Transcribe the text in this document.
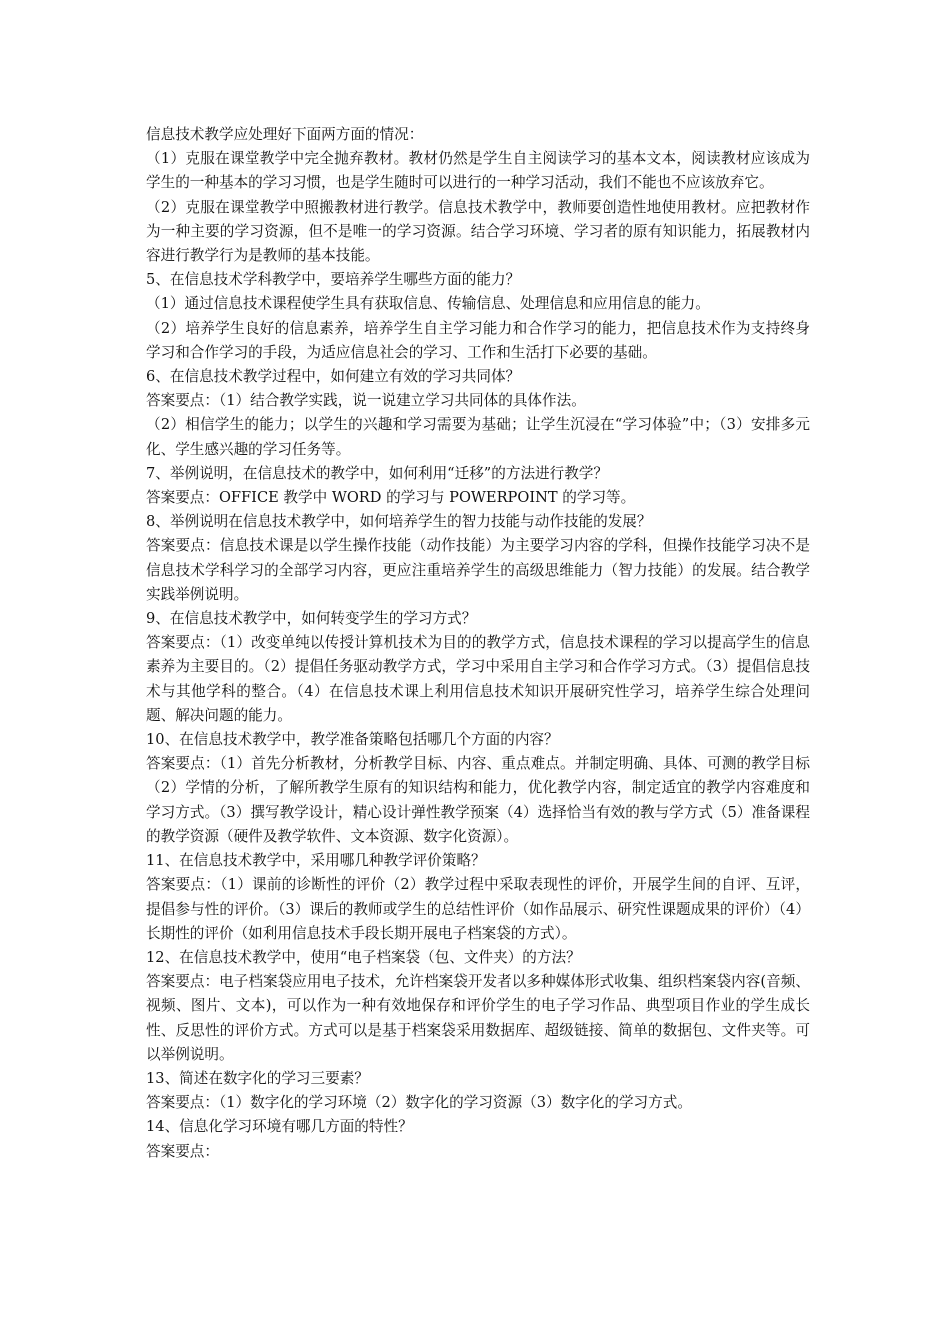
信息技术教学应处理好下面两方面的情况：

（1）克服在课堂教学中完全抛弃教材。教材仍然是学生自主阅读学习的基本文本，阅读教材应该成为学生的一种基本的学习习惯，也是学生随时可以进行的一种学习活动，我们不能也不应该放弃它。

（2）克服在课堂教学中照搬教材进行教学。信息技术教学中，教师要创造性地使用教材。应把教材作为一种主要的学习资源，但不是唯一的学习资源。结合学习环境、学习者的原有知识能力，拓展教材内容进行教学行为是教师的基本技能。

5、在信息技术学科教学中，要培养学生哪些方面的能力？

（1）通过信息技术课程使学生具有获取信息、传输信息、处理信息和应用信息的能力。

（2）培养学生良好的信息素养，培养学生自主学习能力和合作学习的能力，把信息技术作为支持终身学习和合作学习的手段，为适应信息社会的学习、工作和生活打下必要的基础。

6、在信息技术教学过程中，如何建立有效的学习共同体？

答案要点：（1）结合教学实践，说一说建立学习共同体的具体作法。

（2）相信学生的能力；以学生的兴趣和学习需要为基础；让学生沉浸在“学习体验”中；（3）安排多元化、学生感兴趣的学习任务等。

7、举例说明，在信息技术的教学中，如何利用“迁移”的方法进行教学？

答案要点：OFFICE 教学中 WORD 的学习与 POWERPOINT 的学习等。

8、举例说明在信息技术教学中，如何培养学生的智力技能与动作技能的发展？

答案要点：信息技术课是以学生操作技能（动作技能）为主要学习内容的学科，但操作技能学习决不是信息技术学科学习的全部学习内容，更应注重培养学生的高级思维能力（智力技能）的发展。结合教学实践举例说明。

9、在信息技术教学中，如何转变学生的学习方式？

答案要点：（1）改变单纯以传授计算机技术为目的的教学方式，信息技术课程的学习以提高学生的信息素养为主要目的。（2）提倡任务驱动教学方式，学习中采用自主学习和合作学习方式。（3）提倡信息技术与其他学科的整合。（4）在信息技术课上利用信息技术知识开展研究性学习，培养学生综合处理问题、解决问题的能力。

10、在信息技术教学中，教学准备策略包括哪几个方面的内容？

答案要点：（1）首先分析教材，分析教学目标、内容、重点难点。并制定明确、具体、可测的教学目标（2）学情的分析，了解所教学生原有的知识结构和能力，优化教学内容，制定适宜的教学内容难度和学习方式。（3）撰写教学设计，精心设计弹性教学预案（4）选择恰当有效的教与学方式（5）准备课程的教学资源（硬件及教学软件、文本资源、数字化资源）。

11、在信息技术教学中，采用哪几种教学评价策略？

答案要点：（1）课前的诊断性的评价（2）教学过程中采取表现性的评价，开展学生间的自评、互评，提倡参与性的评价。（3）课后的教师或学生的总结性评价（如作品展示、研究性课题成果的评价）（4）长期性的评价（如利用信息技术手段长期开展电子档案袋的方式）。

12、在信息技术教学中，使用“电子档案袋（包、文件夹）的方法？

答案要点：电子档案袋应用电子技术，允许档案袋开发者以多种媒体形式收集、组织档案袋内容(音频、视频、图片、文本)，可以作为一种有效地保存和评价学生的电子学习作品、典型项目作业的学生成长性、反思性的评价方式。方式可以是基于档案袋采用数据库、超级链接、简单的数据包、文件夹等。可以举例说明。

13、简述在数字化的学习三要素？

答案要点：（1）数字化的学习环境（2）数字化的学习资源（3）数字化的学习方式。

14、信息化学习环境有哪几方面的特性？

答案要点：
